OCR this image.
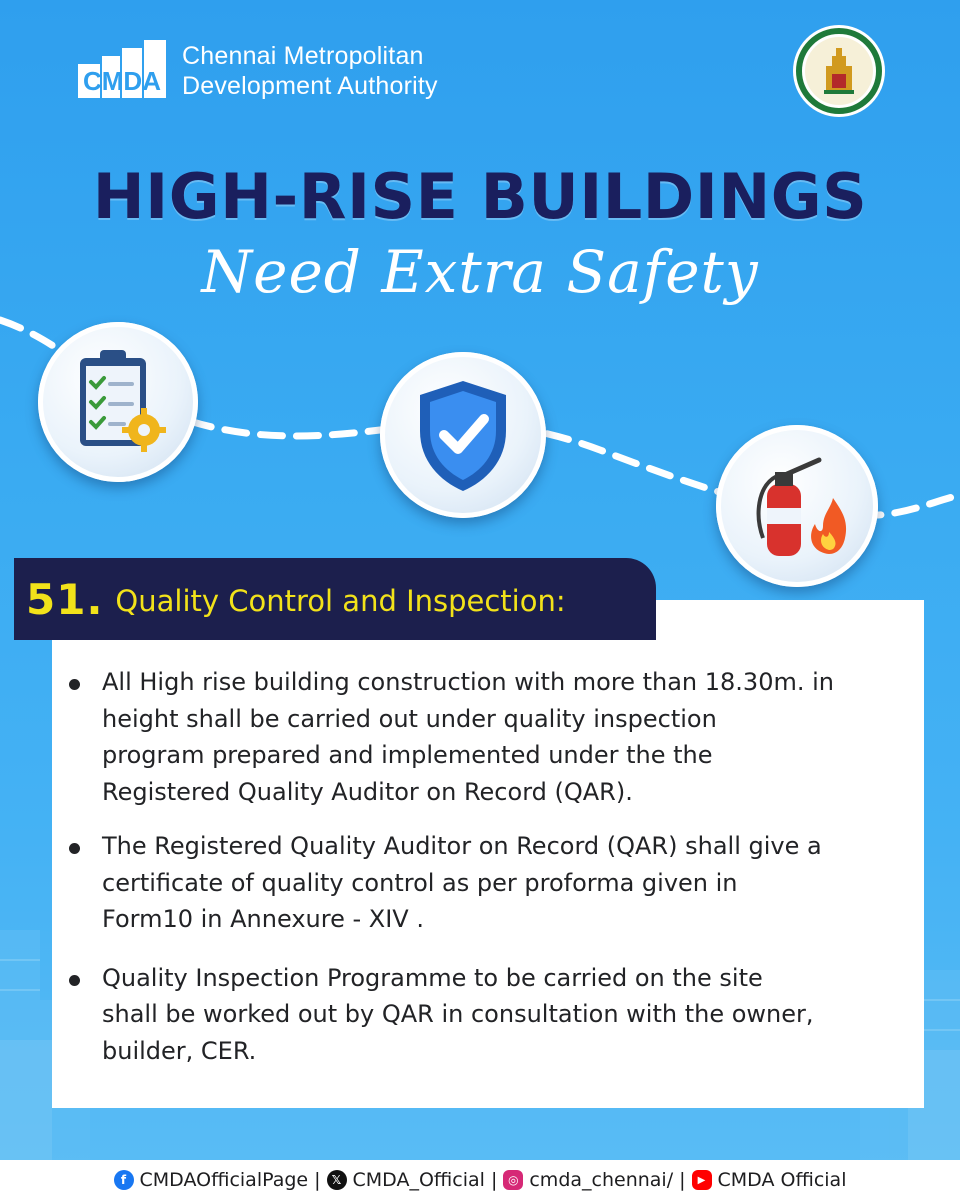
CMDA
Chennai Metropolitan
Development Authority
HIGH-RISE BUILDINGS
Need Extra Safety
51. Quality Control and Inspection:
All High rise building construction with more than 18.30m. in
height shall be carried out under quality inspection
program prepared and implemented under the the
Registered Quality Auditor on Record (QAR).
The Registered Quality Auditor on Record (QAR) shall give a
certificate of quality control as per proforma given in
Form10 in Annexure - XIV .
Quality Inspection Programme to be carried on the site
shall be worked out by QAR in consultation with the owner,
builder, CER.
f CMDAOfficialPage | 𝕏 CMDA_Official | ◎ cmda_chennai/ |	▶ CMDA Official
